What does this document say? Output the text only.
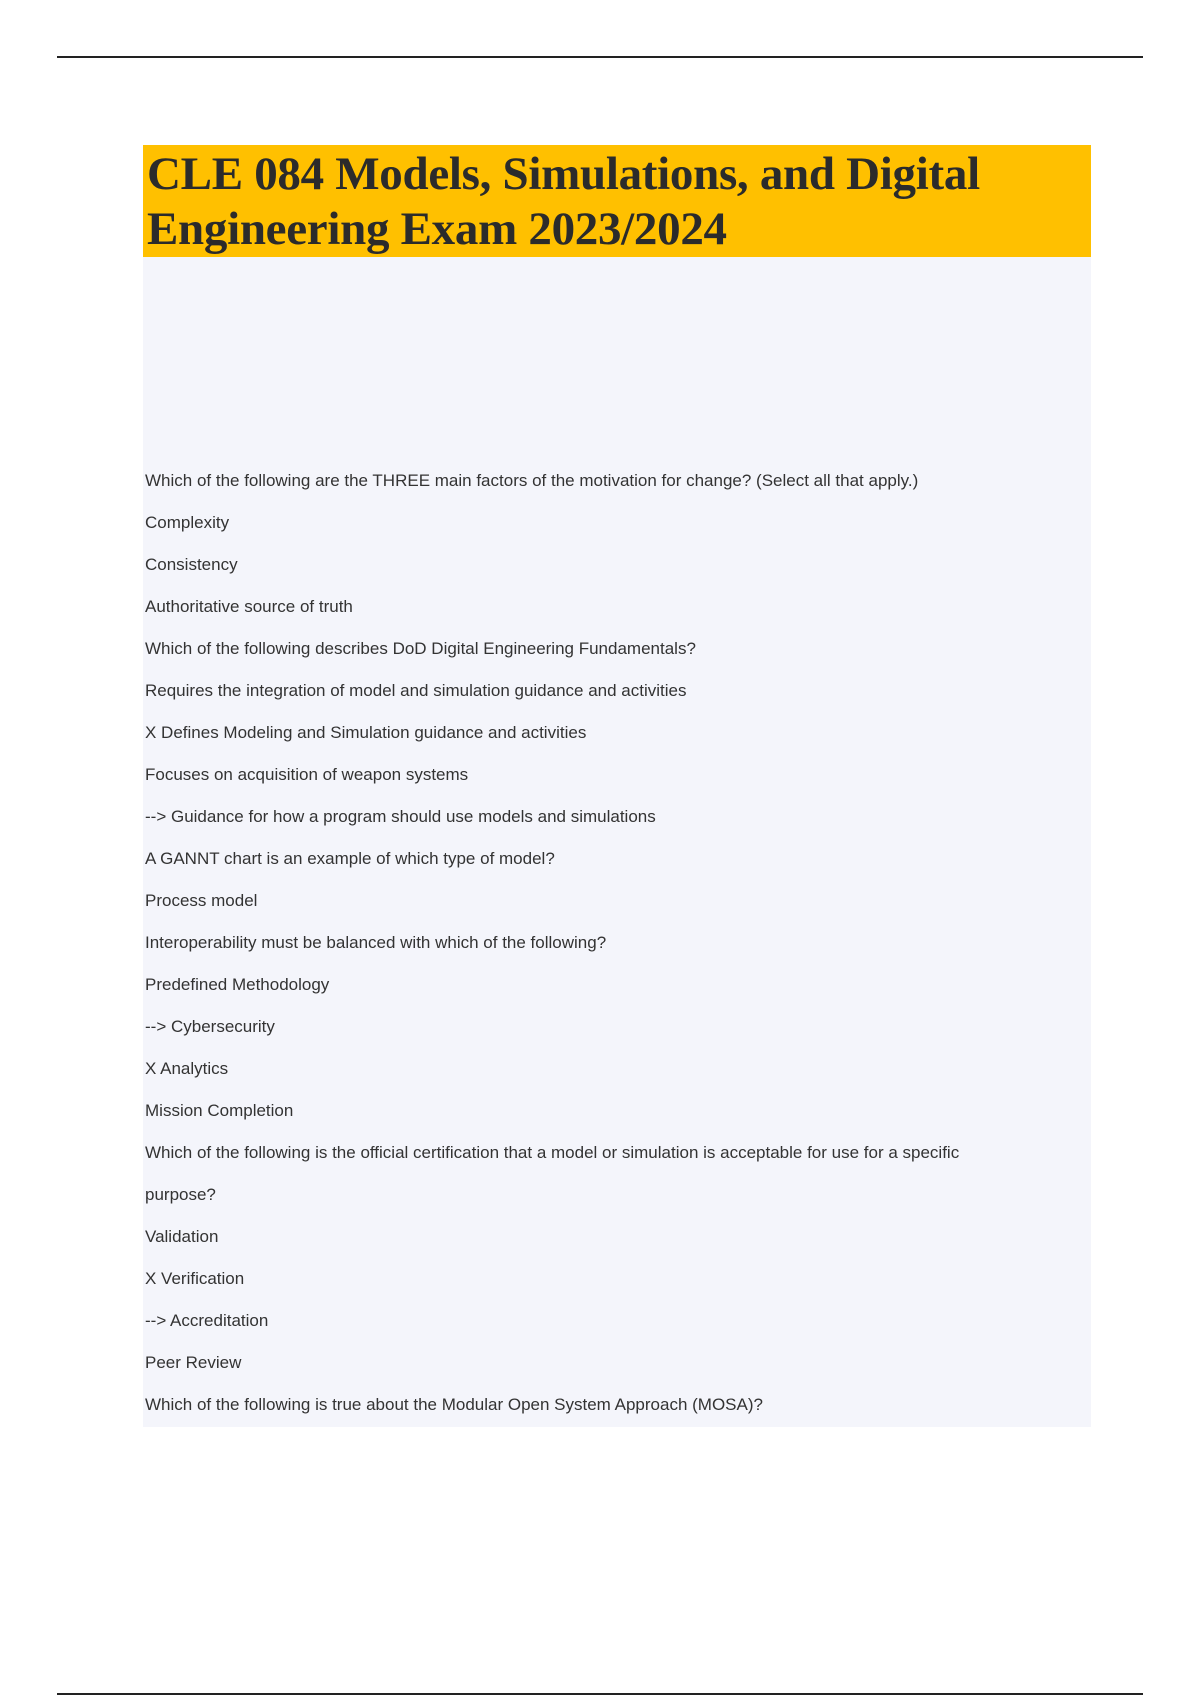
CLE 084 Models, Simulations, and Digital Engineering Exam 2023/2024
Which of the following are the THREE main factors of the motivation for change? (Select all that apply.)
Complexity
Consistency
Authoritative source of truth
Which of the following describes DoD Digital Engineering Fundamentals?
Requires the integration of model and simulation guidance and activities
X Defines Modeling and Simulation guidance and activities
Focuses on acquisition of weapon systems
--> Guidance for how a program should use models and simulations
A GANNT chart is an example of which type of model?
Process model
Interoperability must be balanced with which of the following?
Predefined Methodology
--> Cybersecurity
X Analytics
Mission Completion
Which of the following is the official certification that a model or simulation is acceptable for use for a specific
purpose?
Validation
X Verification
--> Accreditation
Peer Review
Which of the following is true about the Modular Open System Approach (MOSA)?
